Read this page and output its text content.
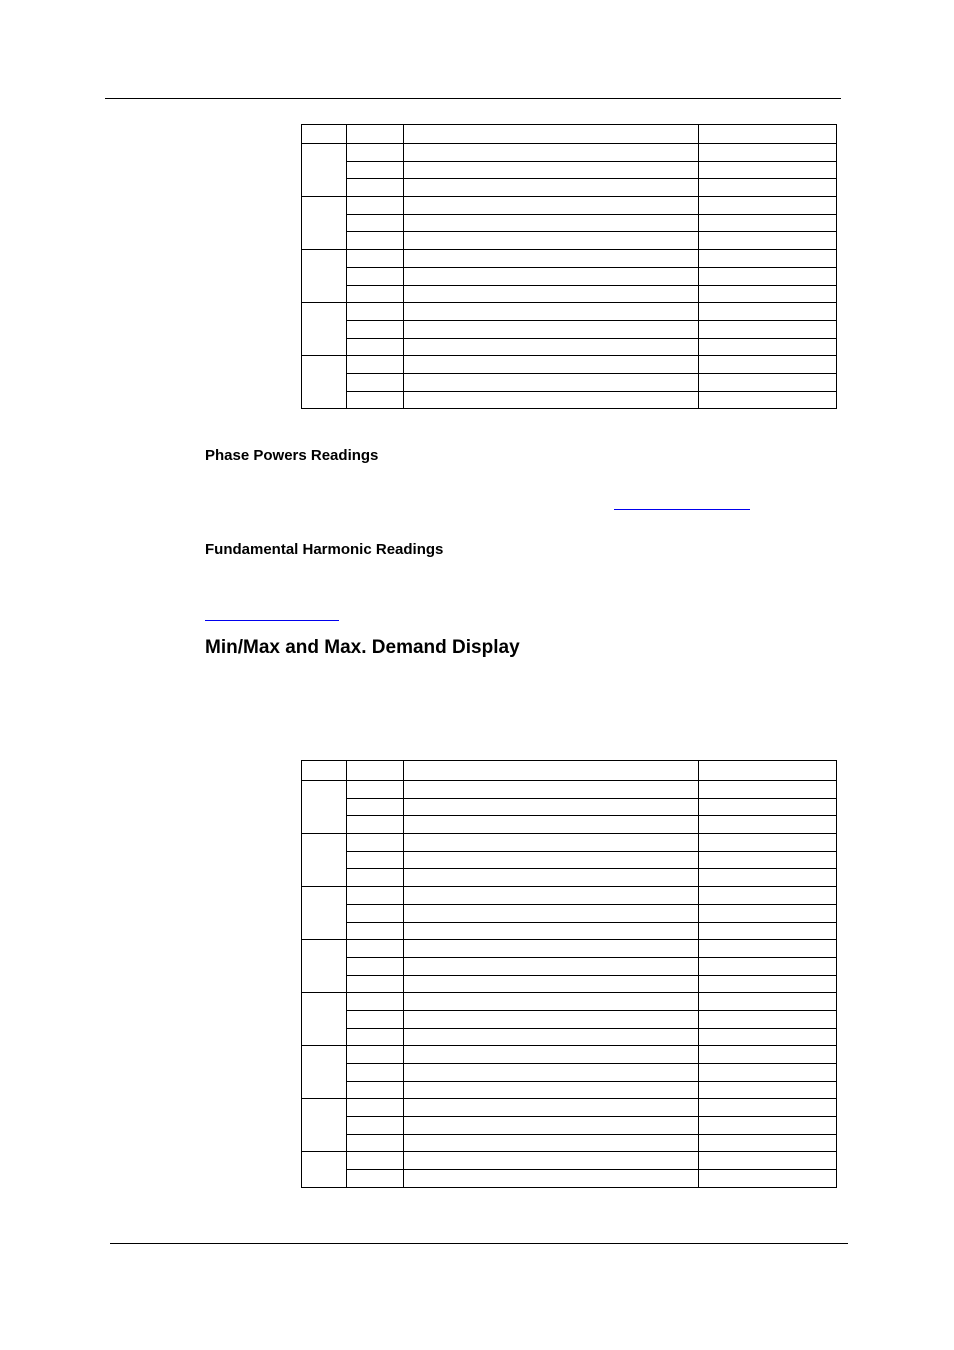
Phase Powers Readings
Fundamental Harmonic Readings
Min/Max and Max. Demand Display
